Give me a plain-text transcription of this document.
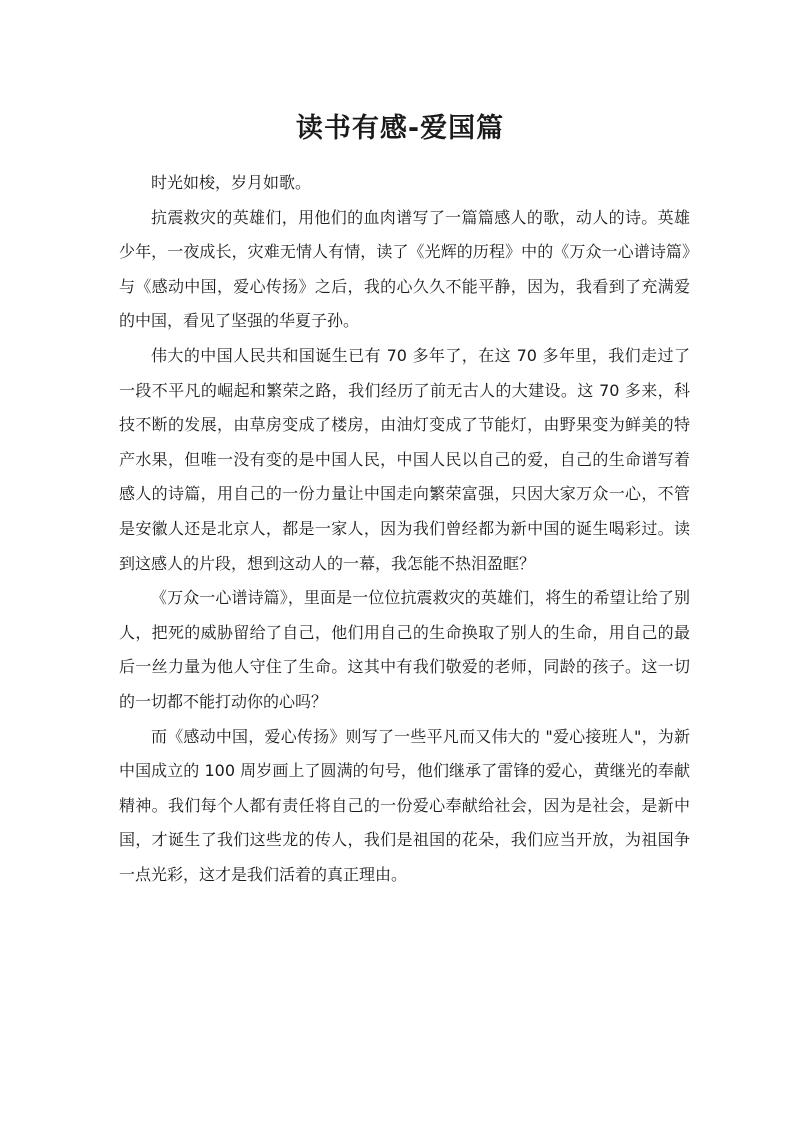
读书有感-爱国篇

时光如梭，岁月如歌。

抗震救灾的英雄们，用他们的血肉谱写了一篇篇感人的歌，动人的诗。英雄少年，一夜成长，灾难无情人有情，读了《光辉的历程》中的《万众一心谱诗篇》与《感动中国，爱心传扬》之后，我的心久久不能平静，因为，我看到了充满爱的中国，看见了坚强的华夏子孙。

伟大的中国人民共和国诞生已有 70 多年了，在这 70 多年里，我们走过了一段不平凡的崛起和繁荣之路，我们经历了前无古人的大建设。这 70 多来，科技不断的发展，由草房变成了楼房，由油灯变成了节能灯，由野果变为鲜美的特产水果，但唯一没有变的是中国人民，中国人民以自己的爱，自己的生命谱写着感人的诗篇，用自己的一份力量让中国走向繁荣富强，只因大家万众一心，不管是安徽人还是北京人，都是一家人，因为我们曾经都为新中国的诞生喝彩过。读到这感人的片段，想到这动人的一幕，我怎能不热泪盈眶？

《万众一心谱诗篇》，里面是一位位抗震救灾的英雄们，将生的希望让给了别人，把死的威胁留给了自己，他们用自己的生命换取了别人的生命，用自己的最后一丝力量为他人守住了生命。这其中有我们敬爱的老师，同龄的孩子。这一切的一切都不能打动你的心吗？

而《感动中国，爱心传扬》则写了一些平凡而又伟大的 "爱心接班人"，为新中国成立的 100 周岁画上了圆满的句号，他们继承了雷锋的爱心，黄继光的奉献精神。我们每个人都有责任将自己的一份爱心奉献给社会，因为是社会，是新中国，才诞生了我们这些龙的传人，我们是祖国的花朵，我们应当开放，为祖国争一点光彩，这才是我们活着的真正理由。
